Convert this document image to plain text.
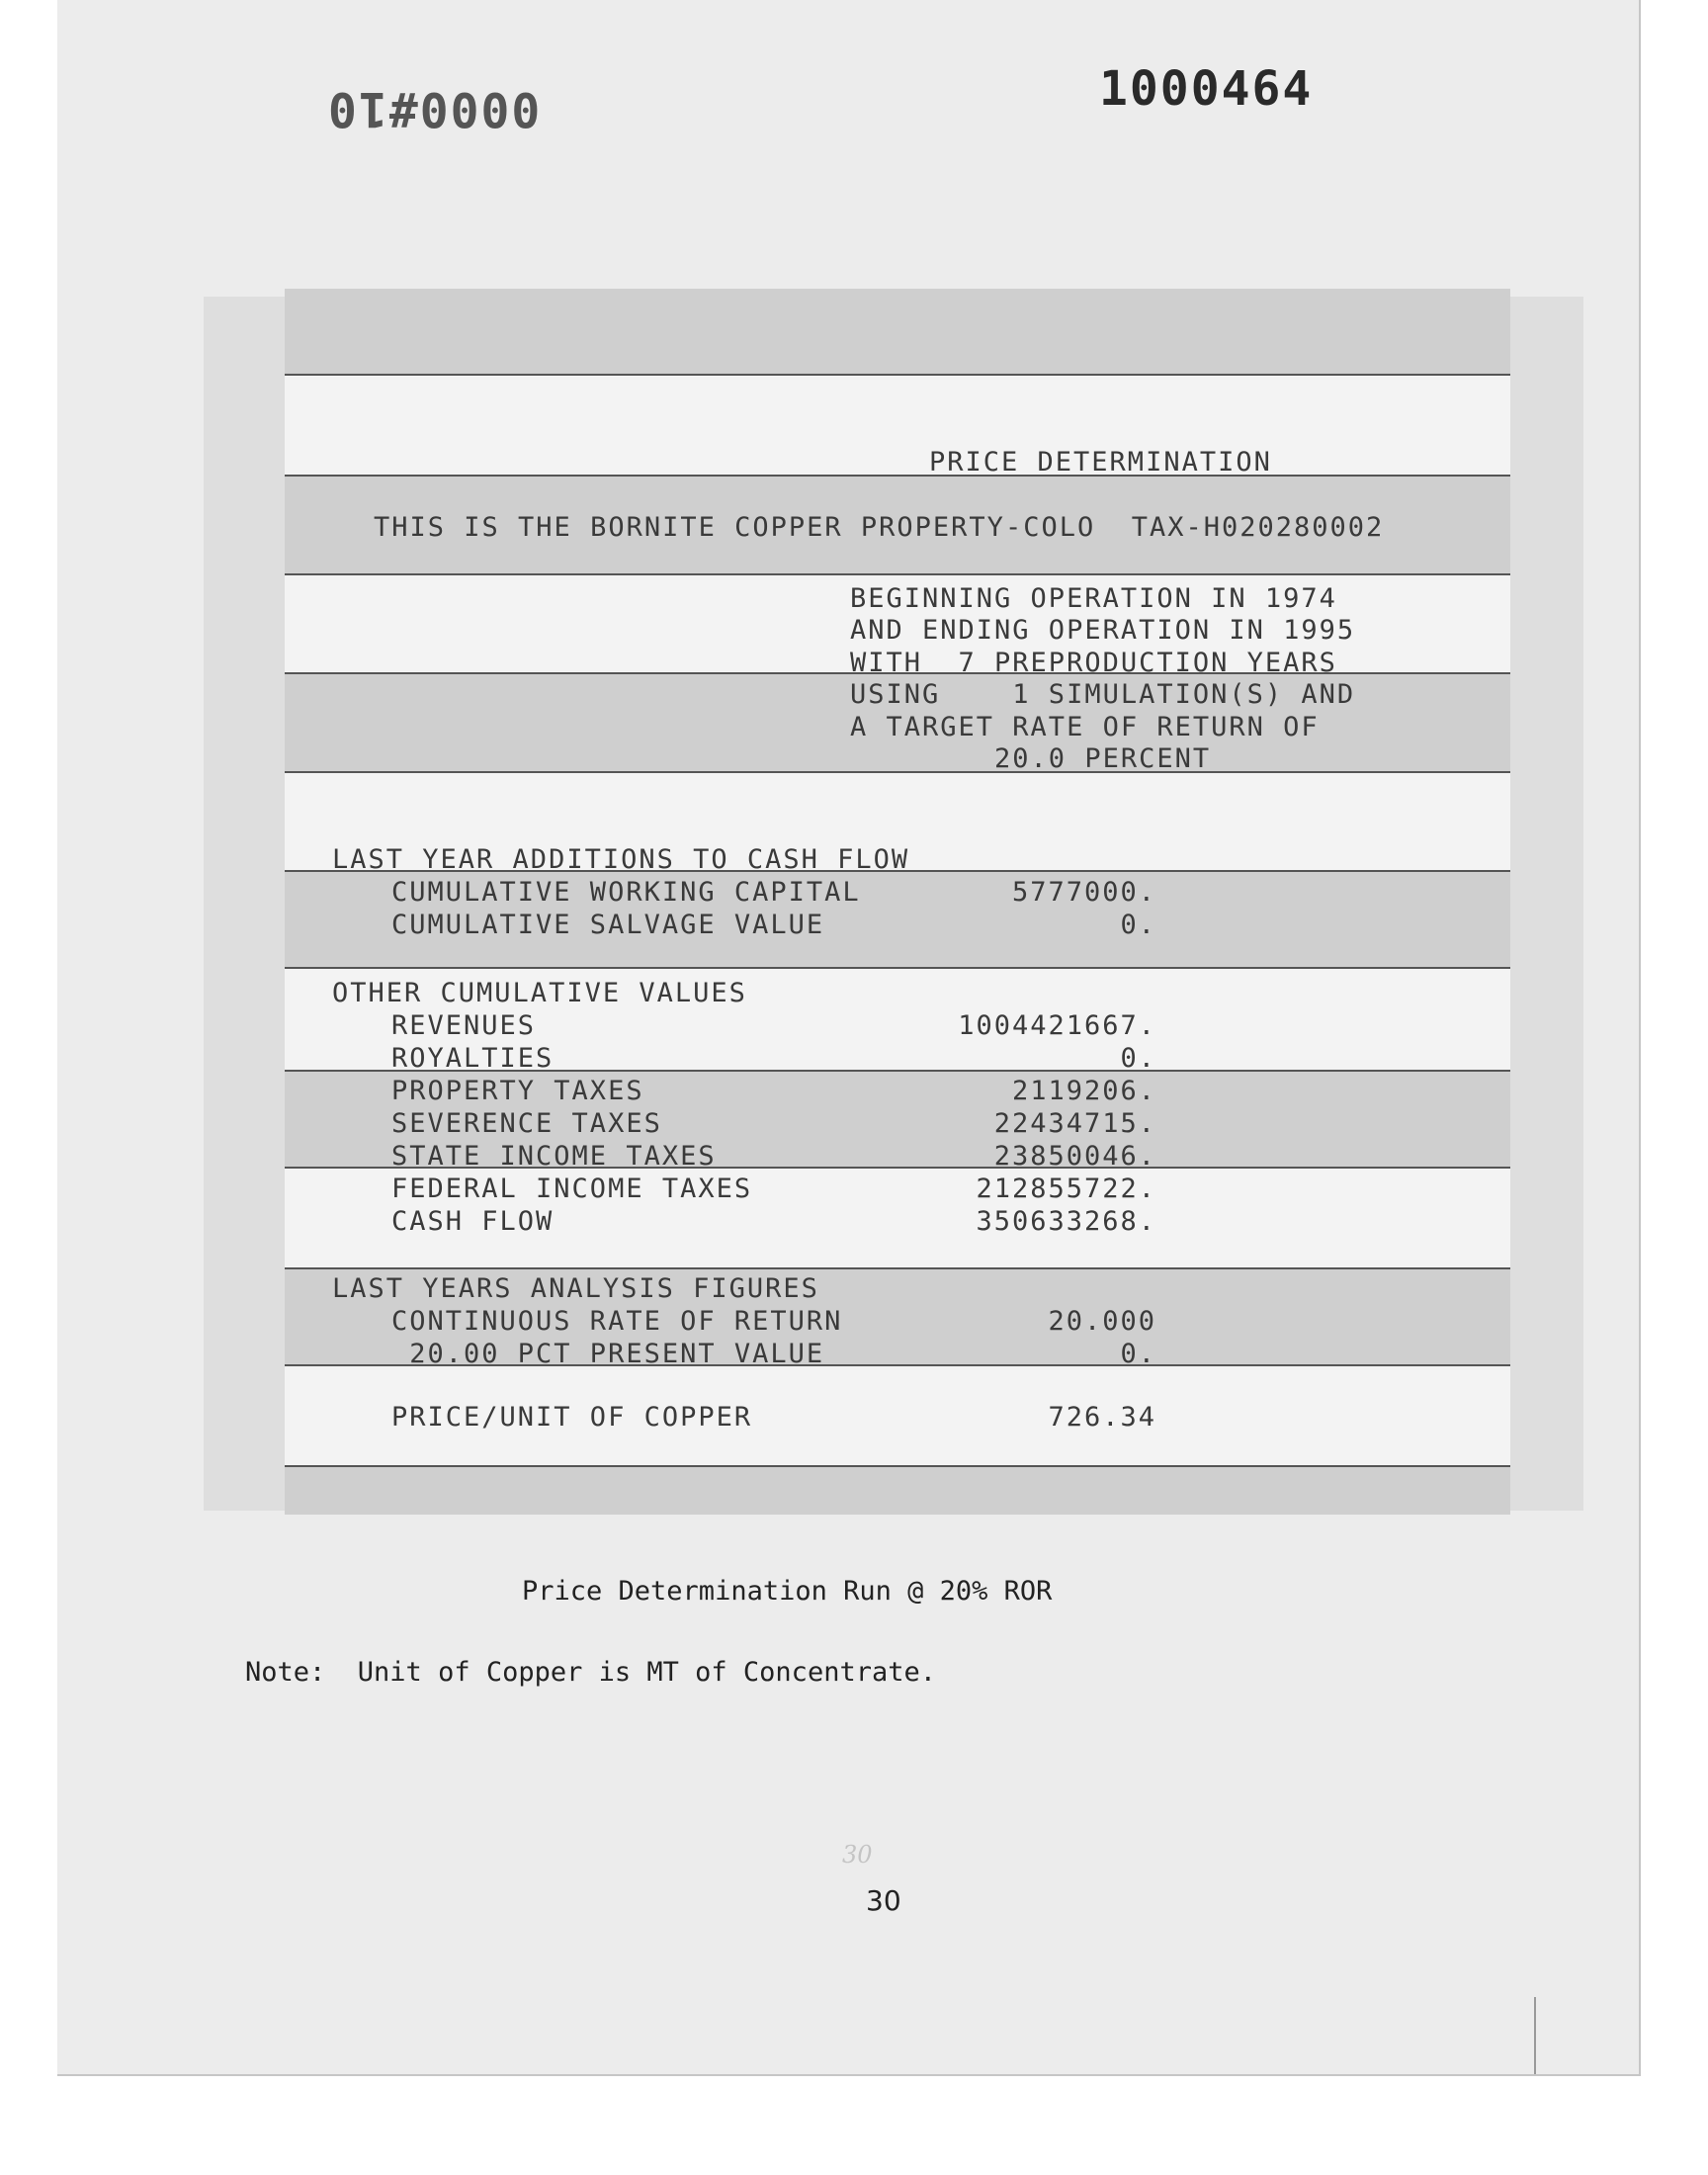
0000#10	1000464
PRICE DETERMINATION
THIS IS THE BORNITE COPPER PROPERTY-COLO  TAX-H020280002
BEGINNING OPERATION IN 1974
AND ENDING OPERATION IN 1995
WITH  7 PREPRODUCTION YEARS
USING    1 SIMULATION(S) AND
A TARGET RATE OF RETURN OF
20.0 PERCENT
LAST YEAR ADDITIONS TO CASH FLOW
CUMULATIVE WORKING CAPITAL	5777000.
CUMULATIVE SALVAGE VALUE	0.
OTHER CUMULATIVE VALUES
REVENUES	1004421667.
ROYALTIES	0.
PROPERTY TAXES	2119206.
SEVERENCE TAXES	22434715.
STATE INCOME TAXES	23850046.
FEDERAL INCOME TAXES	212855722.
CASH FLOW	350633268.
LAST YEARS ANALYSIS FIGURES
CONTINUOUS RATE OF RETURN	20.000
20.00 PCT PRESENT VALUE	0.
PRICE/UNIT OF COPPER	726.34
Price Determination Run @ 20% ROR
Note:  Unit of Copper is MT of Concentrate.
30
30
